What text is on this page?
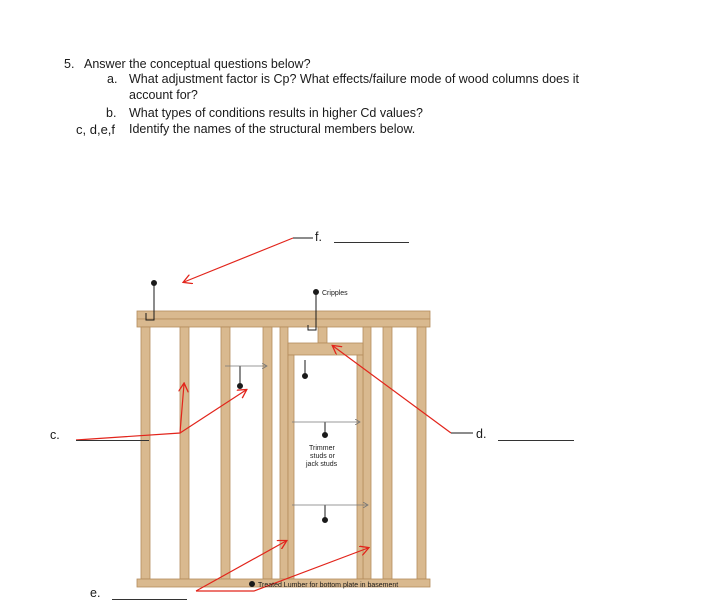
5. Answer the conceptual questions below?
a. What adjustment factor is Cp? What effects/failure mode of wood columns does it
account for?
b. What types of conditions results in higher Cd values?
c, d,e,f Identify the names of the structural members below.
Cripples
Trimmer
studs or
jack studs
Treated Lumber for bottom plate in basement
f.
c.	d.
e.
